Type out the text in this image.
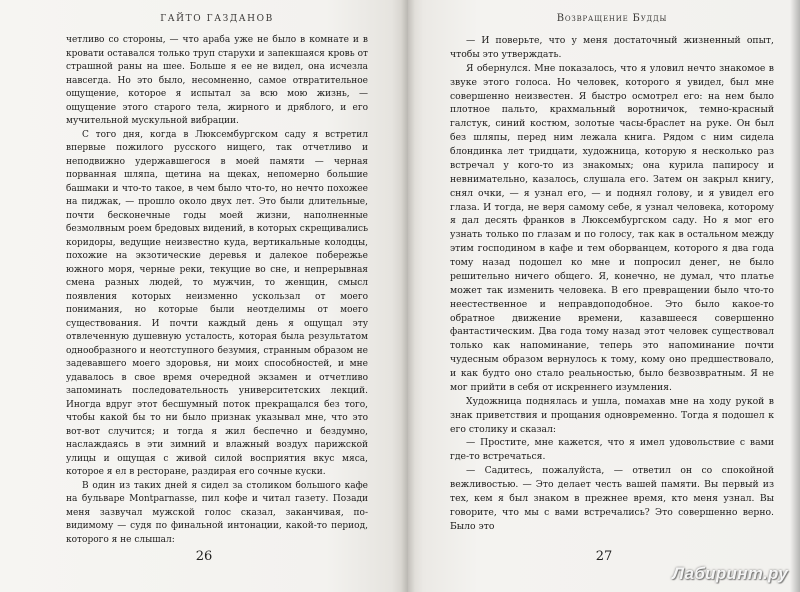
ГАЙТО ГАЗДАНОВ

четливо со стороны, — что араба уже не было в комнате и в кровати оставался только труп старухи и запекшаяся кровь от страшной раны на шее. Больше я ее не видел, она исчезла навсегда. Но это было, несомненно, самое отвратительное ощущение, которое я испытал за всю мою жизнь, — ощущение этого старого тела, жирного и дряблого, и его мучительной мускульной вибрации.

С того дня, когда в Люксембургском саду я встретил впервые пожилого русского нищего, так отчетливо и неподвижно удержавшегося в моей памяти — черная порванная шляпа, щетина на щеках, непомерно большие башмаки и что-то такое, в чем было что-то, но нечто похожее на пиджак, — прошло около двух лет. Это были длительные, почти бесконечные годы моей жизни, наполненные безмолвным роем бредовых видений, в которых скрещивались коридоры, ведущие неизвестно куда, вертикальные колодцы, похожие на экзотические деревья и далекое побережье южного моря, черные реки, текущие во сне, и непрерывная смена разных людей, то мужчин, то женщин, смысл появления которых неизменно ускользал от моего понимания, но которые были неотделимы от моего существования. И почти каждый день я ощущал эту отвлеченную душевную усталость, которая была результатом однообразного и неотступного безумия, странным образом не задевавшего моего здоровья, ни моих способностей, и мне удавалось в свое время очередной экзамен и отчетливо запоминать последовательность университетских лекций. Иногда вдруг этот бесшумный поток прекращался без того, чтобы какой бы то ни было признак указывал мне, что это вот-вот случится; и тогда я жил беспечно и бездумно, наслаждаясь в эти зимний и влажный воздух парижской улицы и ощущая с живой силой восприятия вкус мяса, которое я ел в ресторане, раздирая его сочные куски.

В один из таких дней я сидел за столиком большого кафе на бульваре Montparnasse, пил кофе и читал газету. Позади меня зазвучал мужской голос сказал, заканчивая, по-видимому — судя по финальной интонации, какой-то период, которого я не слышал:

26
Возвращение Будды

— И поверьте, что у меня достаточный жизненный опыт, чтобы это утверждать.

Я обернулся. Мне показалось, что я уловил нечто знакомое в звуке этого голоса. Но человек, которого я увидел, был мне совершенно неизвестен. Я быстро осмотрел его: на нем было плотное пальто, крахмальный воротничок, темно-красный галстук, синий костюм, золотые часы-браслет на руке. Он был без шляпы, перед ним лежала книга. Рядом с ним сидела блондинка лет тридцати, художница, которую я несколько раз встречал у кого-то из знакомых; она курила папиросу и невнимательно, казалось, слушала его. Затем он закрыл книгу, снял очки, — я узнал его, — и поднял голову, и я увидел его глаза. И тогда, не веря самому себе, я узнал человека, которому я дал десять франков в Люксембургском саду. Но я мог его узнать только по глазам и по голосу, так как в остальном между этим господином в кафе и тем оборванцем, которого я два года тому назад подошел ко мне и попросил денег, не было решительно ничего общего. Я, конечно, не думал, что платье может так изменить человека. В его превращении было что-то неестественное и неправдоподобное. Это было какое-то обратное движение времени, казавшееся совершенно фантастическим. Два года тому назад этот человек существовал только как напоминание, теперь это напоминание почти чудесным образом вернулось к тому, кому оно предшествовало, и как будто оно стало реальностью, было безвозвратным. Я не мог прийти в себя от искреннего изумления.

Художница поднялась и ушла, помахав мне на ходу рукой в знак приветствия и прощания одновременно. Тогда я подошел к его столику и сказал:

— Простите, мне кажется, что я имел удовольствие с вами где-то встречаться.

— Садитесь, пожалуйста, — ответил он со спокойной вежливостью. — Это делает честь вашей памяти. Вы первый из тех, кем я был знаком в прежнее время, кто меня узнал. Вы говорите, что мы с вами встречались? Это совершенно верно. Было это

27
Лабиринт.ру
